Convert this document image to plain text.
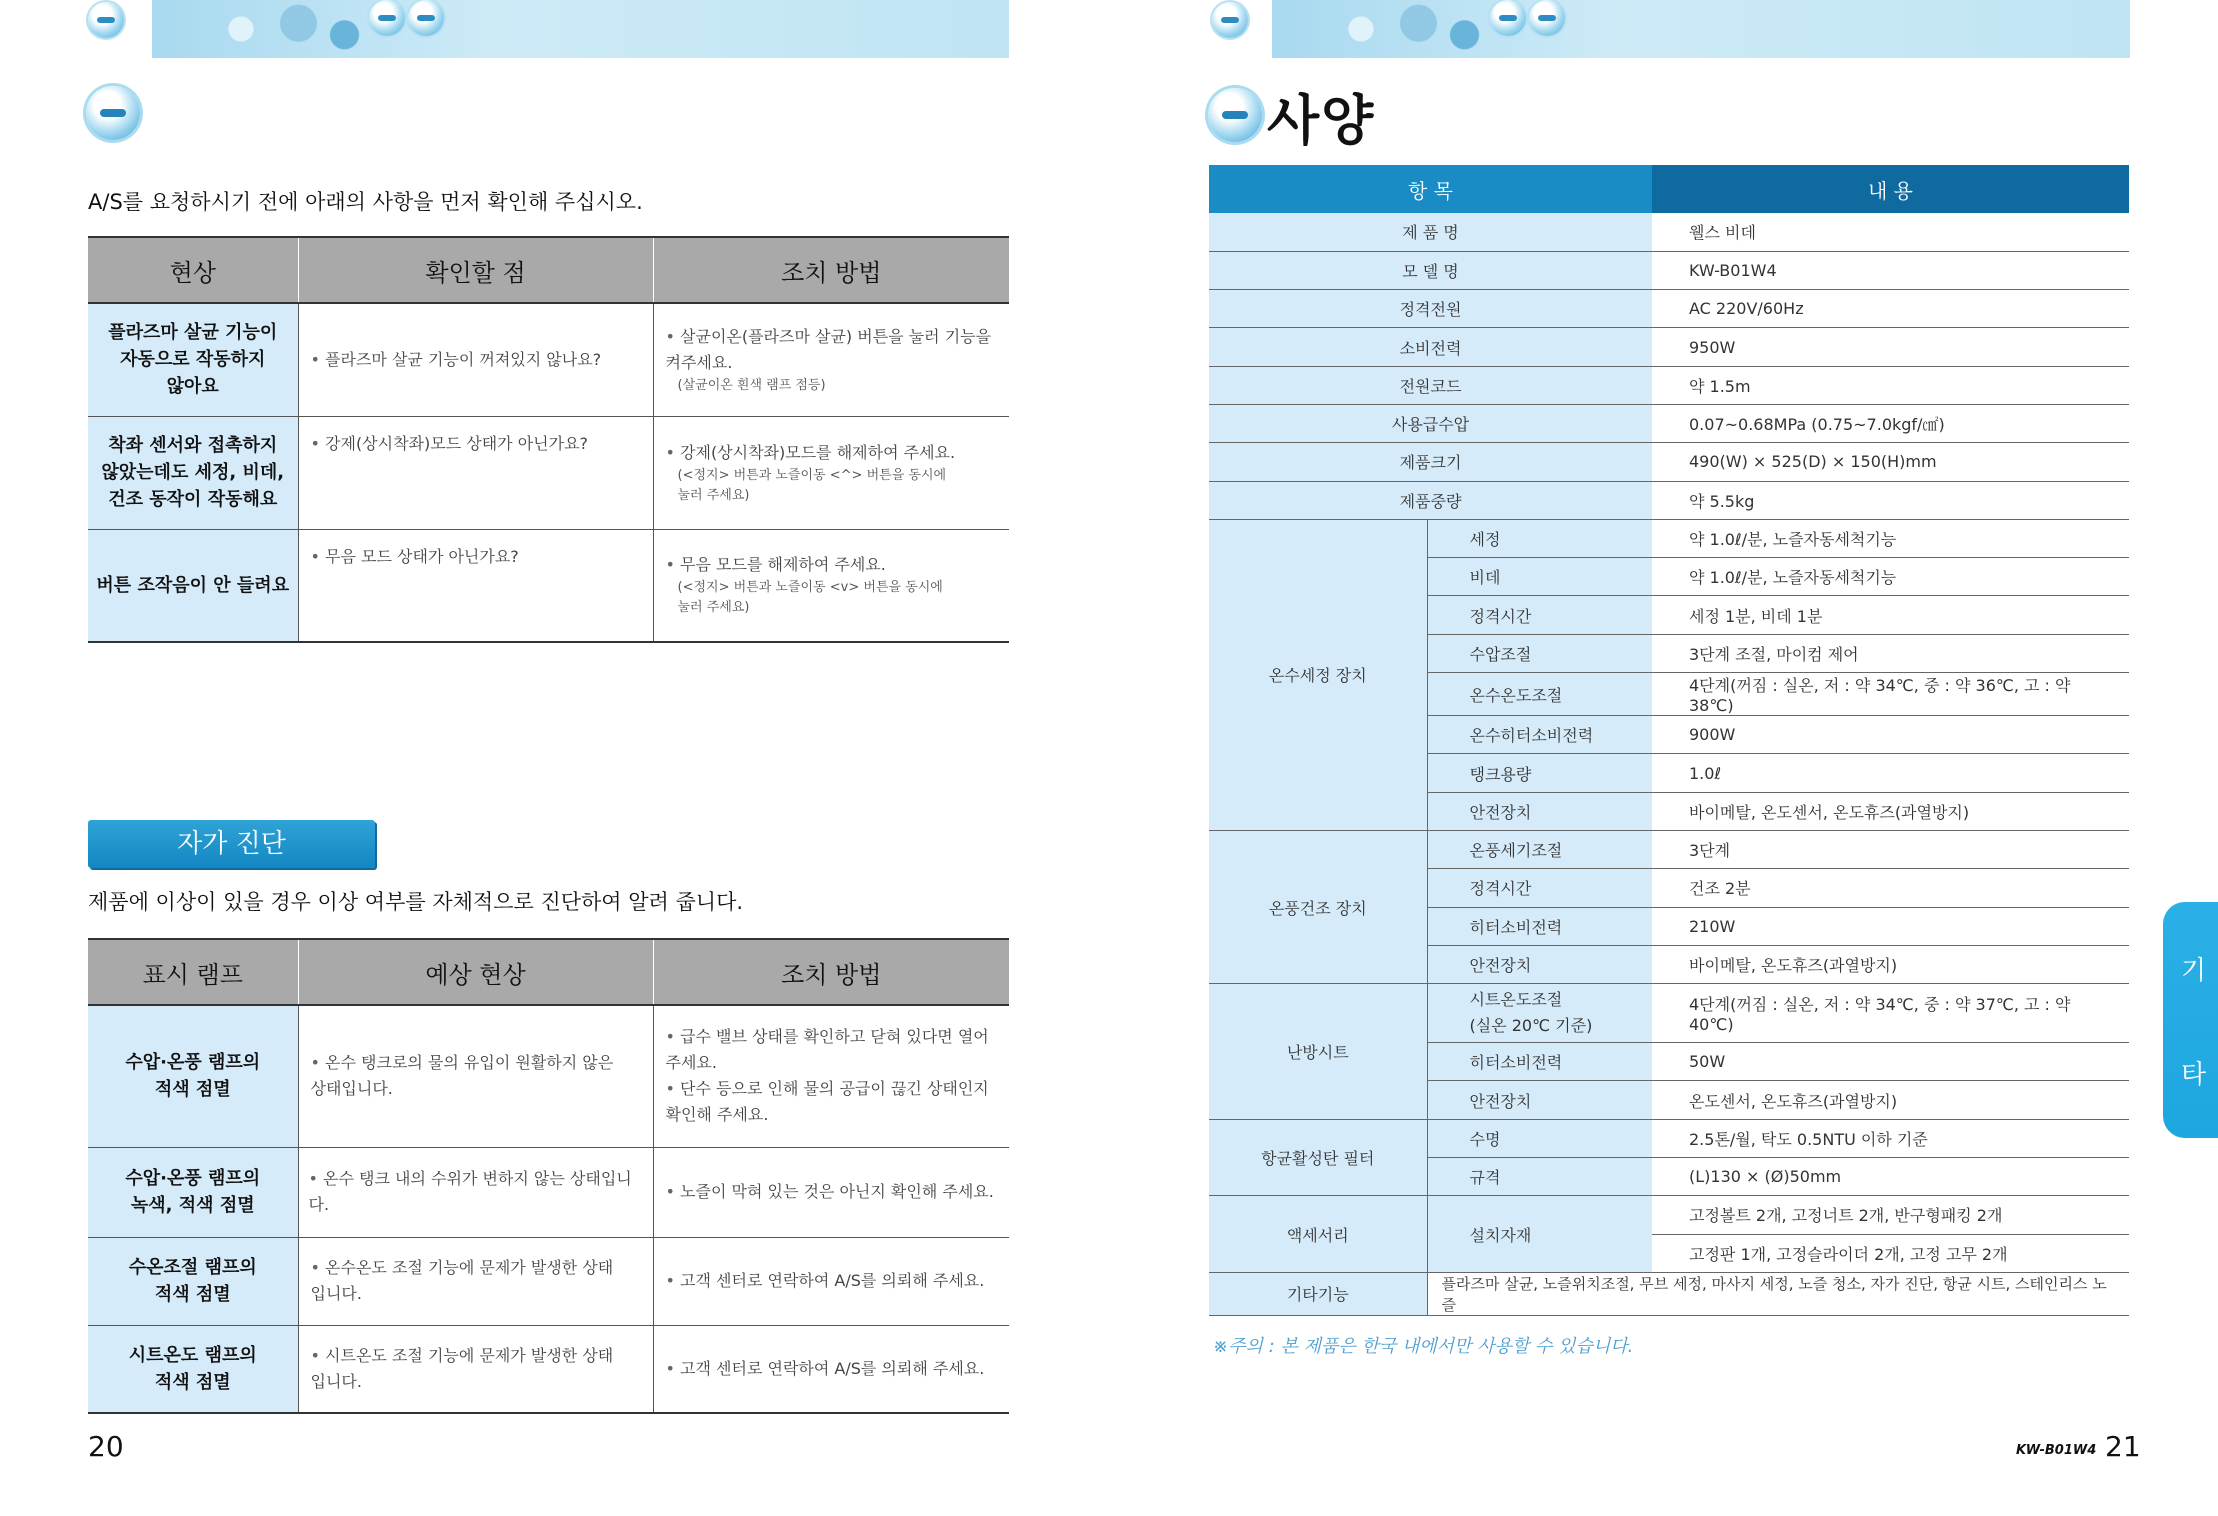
A/S를 요청하시기 전에 아래의 사항을 먼저 확인해 주십시오.
현상	확인할 점	조치 방법
플라즈마 살균 기능이
자동으로 작동하지
않아요	• 플라즈마 살균 기능이 꺼져있지 않나요?	• 살균이온(플라즈마 살균) 버튼을 눌러 기능을
켜주세요.
(살균이온 흰색 램프 점등)

착좌 센서와 접촉하지
않았는데도 세정, 비데,
건조 동작이 작동해요	• 강제(상시착좌)모드 상태가 아닌가요?	• 강제(상시착좌)모드를 해제하여 주세요.
(<정지> 버튼과 노즐이동 <^> 버튼을 동시에
눌러 주세요)

버튼 조작음이 안 들려요	• 무음 모드 상태가 아닌가요?	• 무음 모드를 해제하여 주세요.
(<정지> 버튼과 노즐이동 <v> 버튼을 동시에
눌러 주세요)
자가 진단
제품에 이상이 있을 경우 이상 여부를 자체적으로 진단하여 알려 줍니다.
표시 램프	예상 현상	조치 방법
수압·온풍 램프의
적색 점멸	• 온수 탱크로의 물의 유입이 원활하지 않은
상태입니다.	• 급수 밸브 상태를 확인하고 닫혀 있다면 열어
주세요.
• 단수 등으로 인해 물의 공급이 끊긴 상태인지
확인해 주세요.

수압·온풍 램프의
녹색, 적색 점멸	• 온수 탱크 내의 수위가 변하지 않는 상태입니다.	• 노즐이 막혀 있는 것은 아닌지 확인해 주세요.
수온조절 램프의
적색 점멸	• 온수온도 조절 기능에 문제가 발생한 상태
입니다.	• 고객 센터로 연락하여 A/S를 의뢰해 주세요.
시트온도 램프의
적색 점멸	• 시트온도 조절 기능에 문제가 발생한 상태
입니다.	• 고객 센터로 연락하여 A/S를 의뢰해 주세요.
20
사양
항 목		내 용
제 품 명		웰스 비데
모 델 명		KW-B01W4
정격전원		AC 220V/60Hz
소비전력		950W
전원코드		약 1.5m
사용급수압		0.07~0.68MPa (0.75~7.0kgf/㎠)
제품크기		490(W) × 525(D) × 150(H)mm
제품중량		약 5.5kg
온수세정 장치	세정	약 1.0ℓ/분, 노즐자동세척기능
	비데	약 1.0ℓ/분, 노즐자동세척기능
	정격시간	세정 1분, 비데 1분
	수압조절	3단계 조절, 마이컴 제어
	온수온도조절	4단계(꺼짐 : 실온, 저 : 약 34℃, 중 : 약 36℃, 고 : 약 38℃)
	온수히터소비전력	900W
	탱크용량	1.0ℓ
	안전장치	바이메탈, 온도센서, 온도휴즈(과열방지)
온풍건조 장치	온풍세기조절	3단계
	정격시간	건조 2분
	히터소비전력	210W
	안전장치	바이메탈, 온도휴즈(과열방지)
난방시트	시트온도조절
(실온 20℃ 기준)	4단계(꺼짐 : 실온, 저 : 약 34℃, 중 : 약 37℃, 고 : 약 40℃)
	히터소비전력	50W
	안전장치	온도센서, 온도휴즈(과열방지)
항균활성탄 필터	수명	2.5톤/월, 탁도 0.5NTU 이하 기준
	규격	(L)130 × (Ø)50mm
액세서리	설치자재	고정볼트 2개, 고정너트 2개, 반구형패킹 2개
		고정판 1개, 고정슬라이더 2개, 고정 고무 2개
기타기능	플라즈마 살균, 노즐위치조절, 무브 세정, 마사지 세정, 노즐 청소, 자가 진단, 항균 시트, 스테인리스 노즐	
※주의 : 본 제품은 한국 내에서만 사용할 수 있습니다.
KW-B01W4 21
기
타
